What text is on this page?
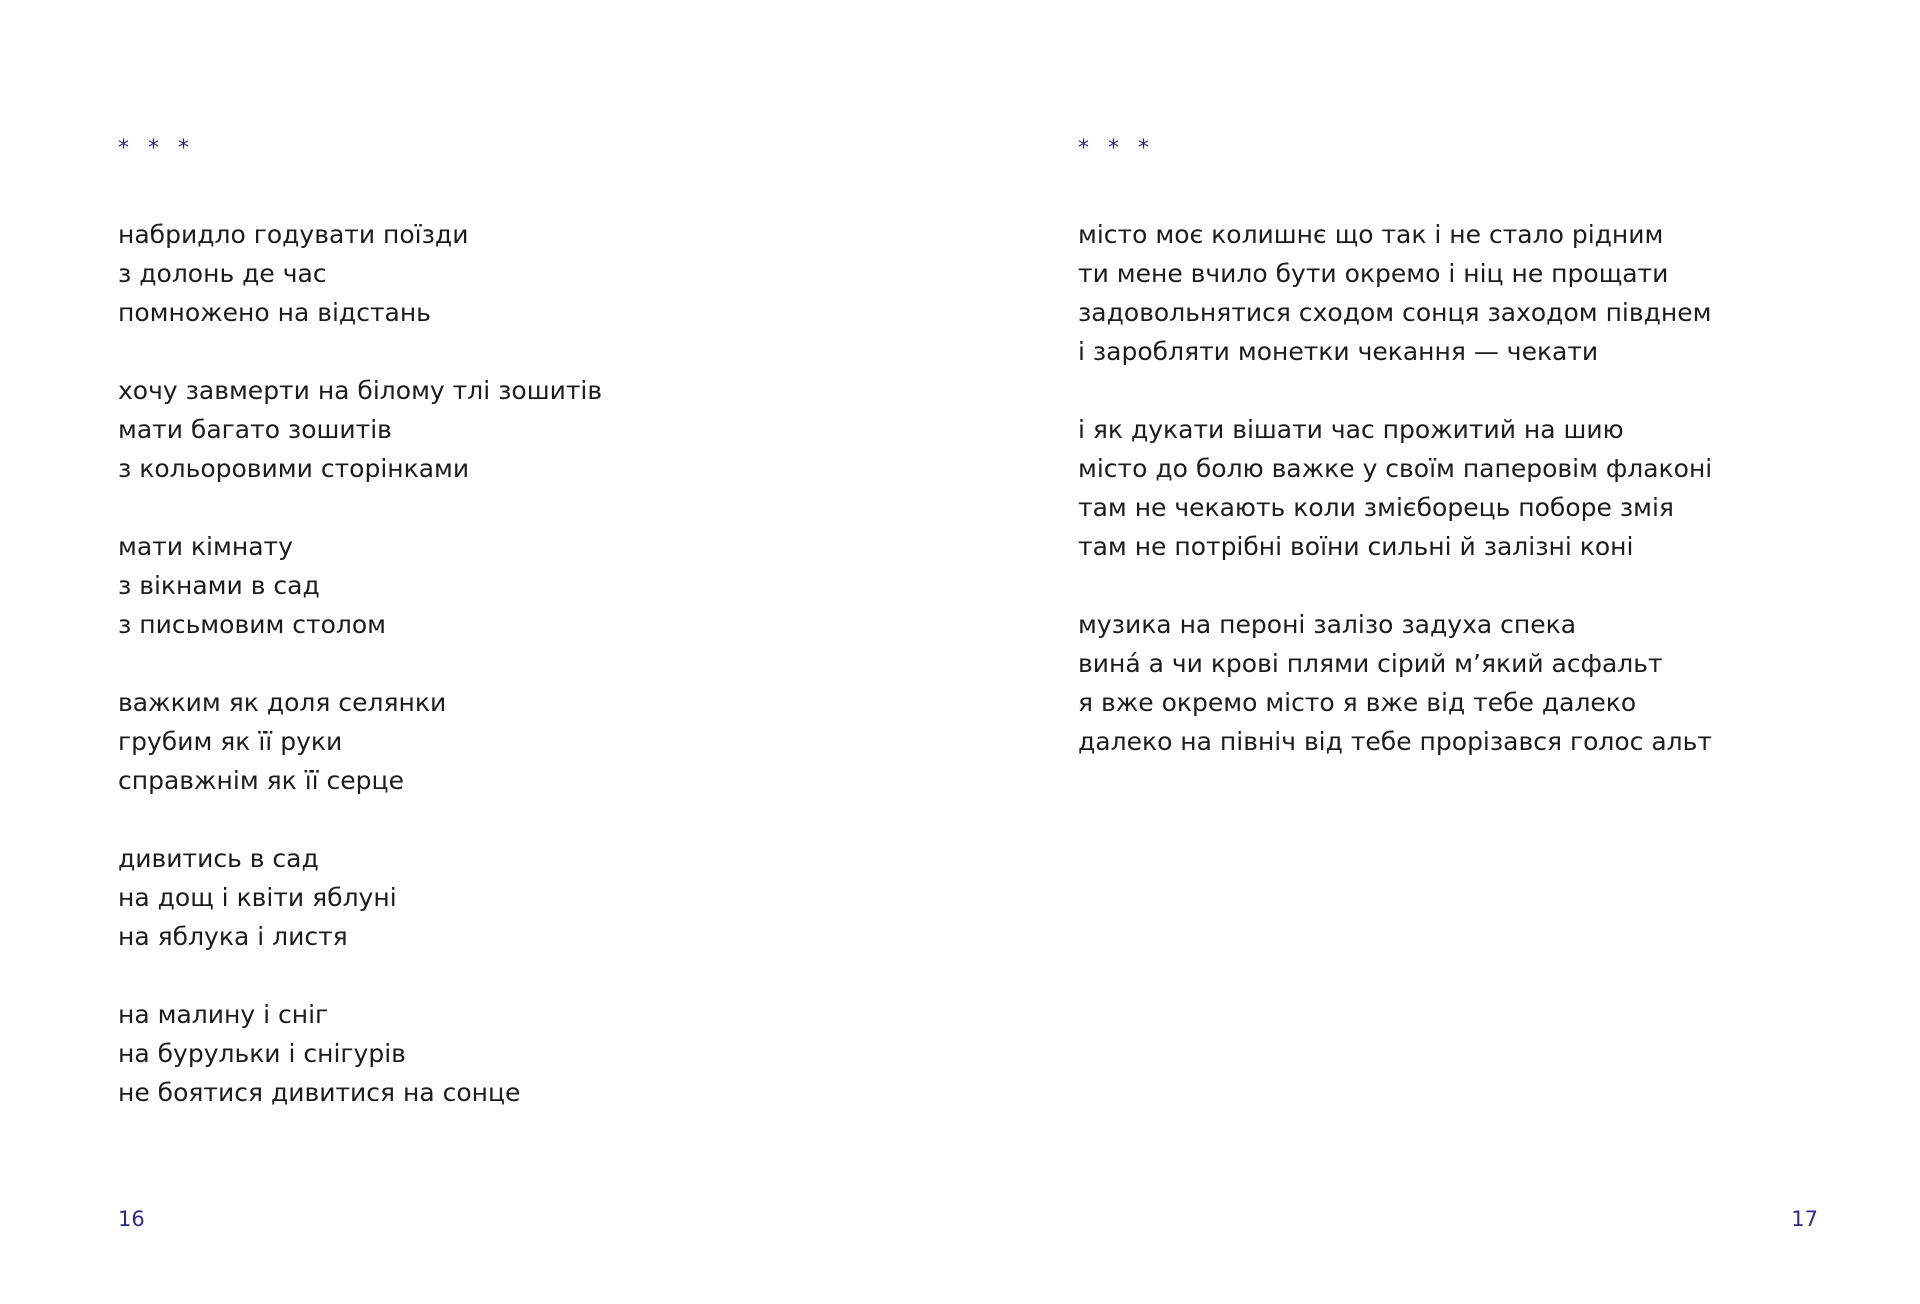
* * *
набридло годувати поїзди
з долонь де час
помножено на відстань
хочу завмерти на білому тлі зошитів
мати багато зошитів
з кольоровими сторінками
мати кімнату
з вікнами в сад
з письмовим столом
важким як доля селянки
грубим як її руки
справжнім як її серце
дивитись в сад
на дощ і квіти яблуні
на яблука і листя
на малину і сніг
на бурульки і снігурів
не боятися дивитися на сонце
16
* * *
місто моє колишнє що так і не стало рідним
ти мене вчило бути окремо і ніц не прощати
задовольнятися сходом сонця заходом півднем
і заробляти монетки чекання — чекати
і як дукати вішати час прожитий на шию
місто до болю важке у своїм паперовім флаконі
там не чекають коли змієборець поборе змія
там не потрібні воїни сильні й залізні коні
музика на пероні залізо задуха спека
вина́ а чи крові плями сірий м’який асфальт
я вже окремо місто я вже від тебе далеко
далеко на північ від тебе прорізався голос альт
17
